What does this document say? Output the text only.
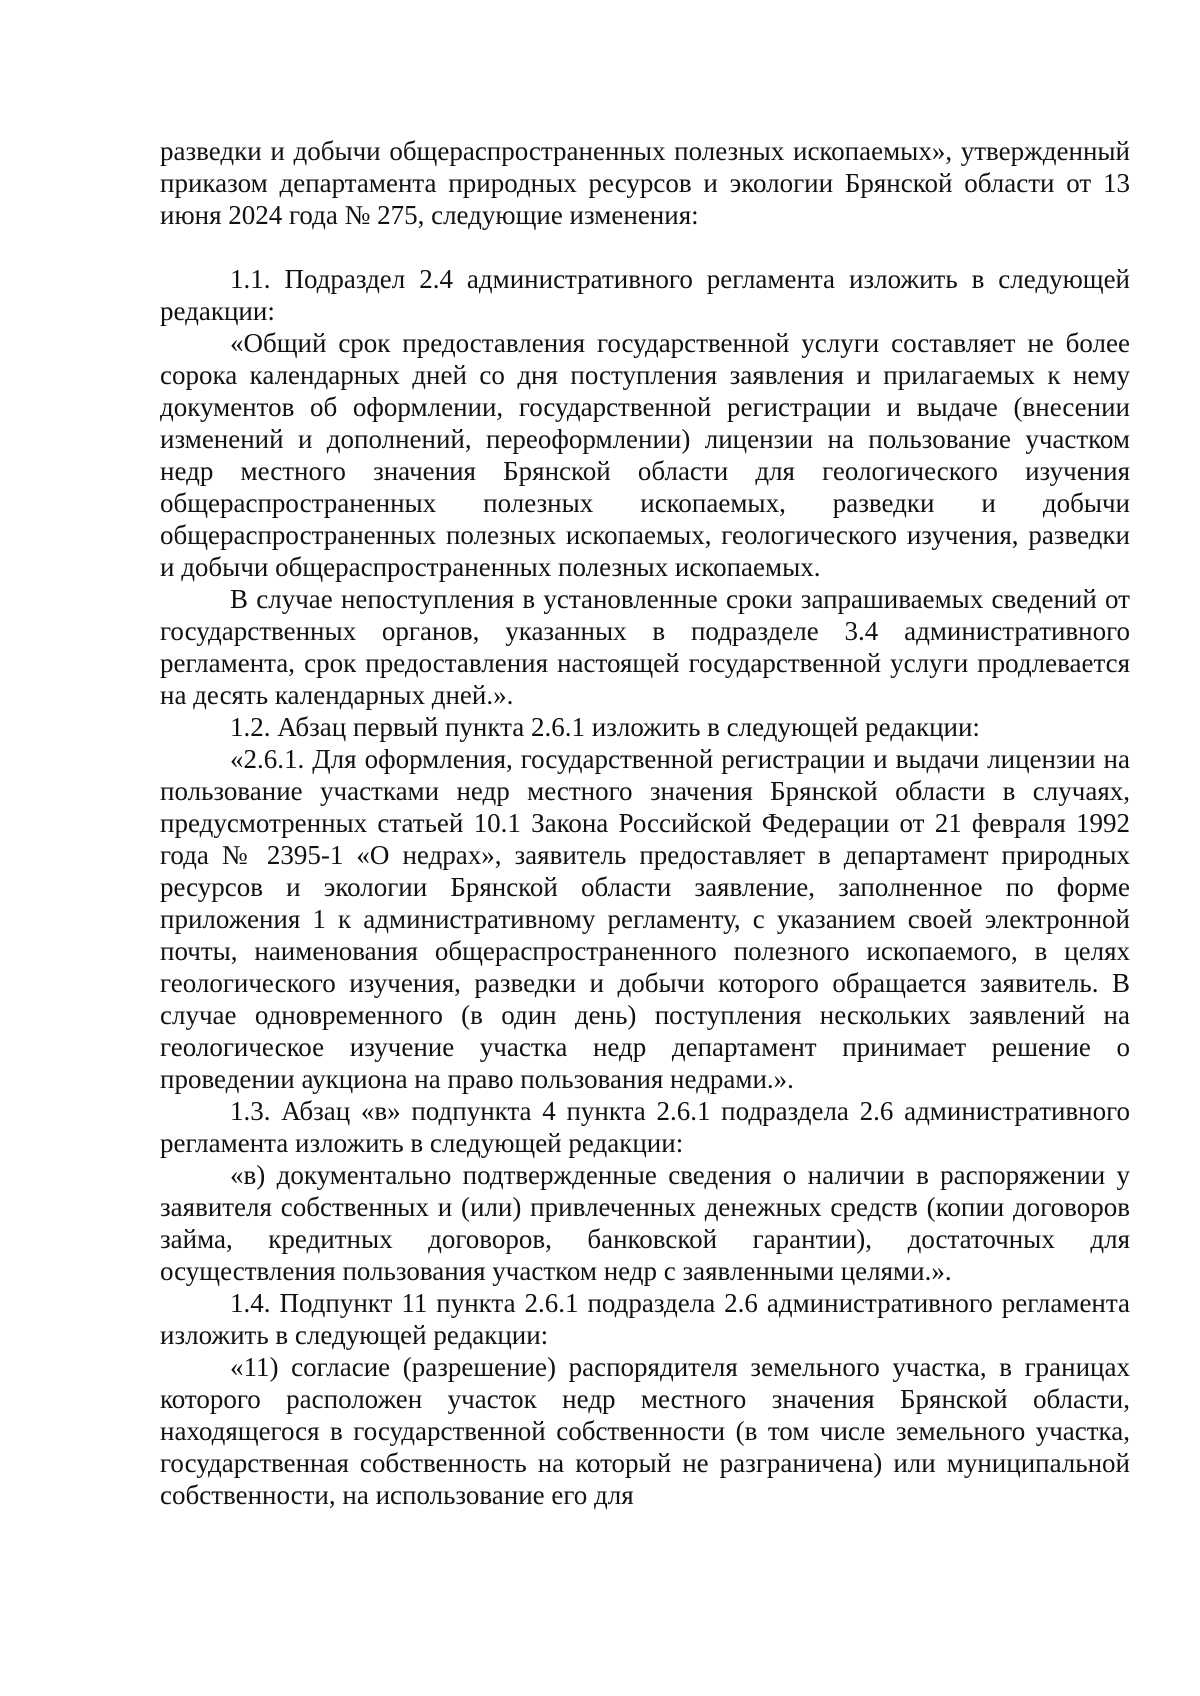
разведки и добычи общераспространенных полезных ископаемых», утвержденный приказом департамента природных ресурсов и экологии Брянской области от 13 июня 2024 года № 275, следующие изменения:

1.1. Подраздел 2.4 административного регламента изложить в следующей редакции:

«Общий срок предоставления государственной услуги составляет не более сорока календарных дней со дня поступления заявления и прилагаемых к нему документов об оформлении, государственной регистрации и выдаче (внесении изменений и дополнений, переоформлении) лицензии на пользование участком недр местного значения Брянской области для геологического изучения общераспространенных полезных ископаемых, разведки и добычи общераспространенных полезных ископаемых, геологического изучения, разведки и добычи общераспространенных полезных ископаемых.

В случае непоступления в установленные сроки запрашиваемых сведений от государственных органов, указанных в подразделе 3.4 административного регламента, срок предоставления настоящей государственной услуги продлевается на десять календарных дней.».

1.2. Абзац первый пункта 2.6.1 изложить в следующей редакции:

«2.6.1. Для оформления, государственной регистрации и выдачи лицензии на пользование участками недр местного значения Брянской области в случаях, предусмотренных статьей 10.1 Закона Российской Федерации от 21 февраля 1992 года № 2395-1 «О недрах», заявитель предоставляет в департамент природных ресурсов и экологии Брянской области заявление, заполненное по форме приложения 1 к административному регламенту, с указанием своей электронной почты, наименования общераспространенного полезного ископаемого, в целях геологического изучения, разведки и добычи которого обращается заявитель. В случае одновременного (в один день) поступления нескольких заявлений на геологическое изучение участка недр департамент принимает решение о проведении аукциона на право пользования недрами.».

1.3. Абзац «в» подпункта 4 пункта 2.6.1 подраздела 2.6 административного регламента изложить в следующей редакции:

«в) документально подтвержденные сведения о наличии в распоряжении у заявителя собственных и (или) привлеченных денежных средств (копии договоров займа, кредитных договоров, банковской гарантии), достаточных для осуществления пользования участком недр с заявленными целями.».

1.4. Подпункт 11 пункта 2.6.1 подраздела 2.6 административного регламента изложить в следующей редакции:

«11) согласие (разрешение) распорядителя земельного участка, в границах которого расположен участок недр местного значения Брянской области, находящегося в государственной собственности (в том числе земельного участка, государственная собственность на который не разграничена) или муниципальной собственности, на использование его для
